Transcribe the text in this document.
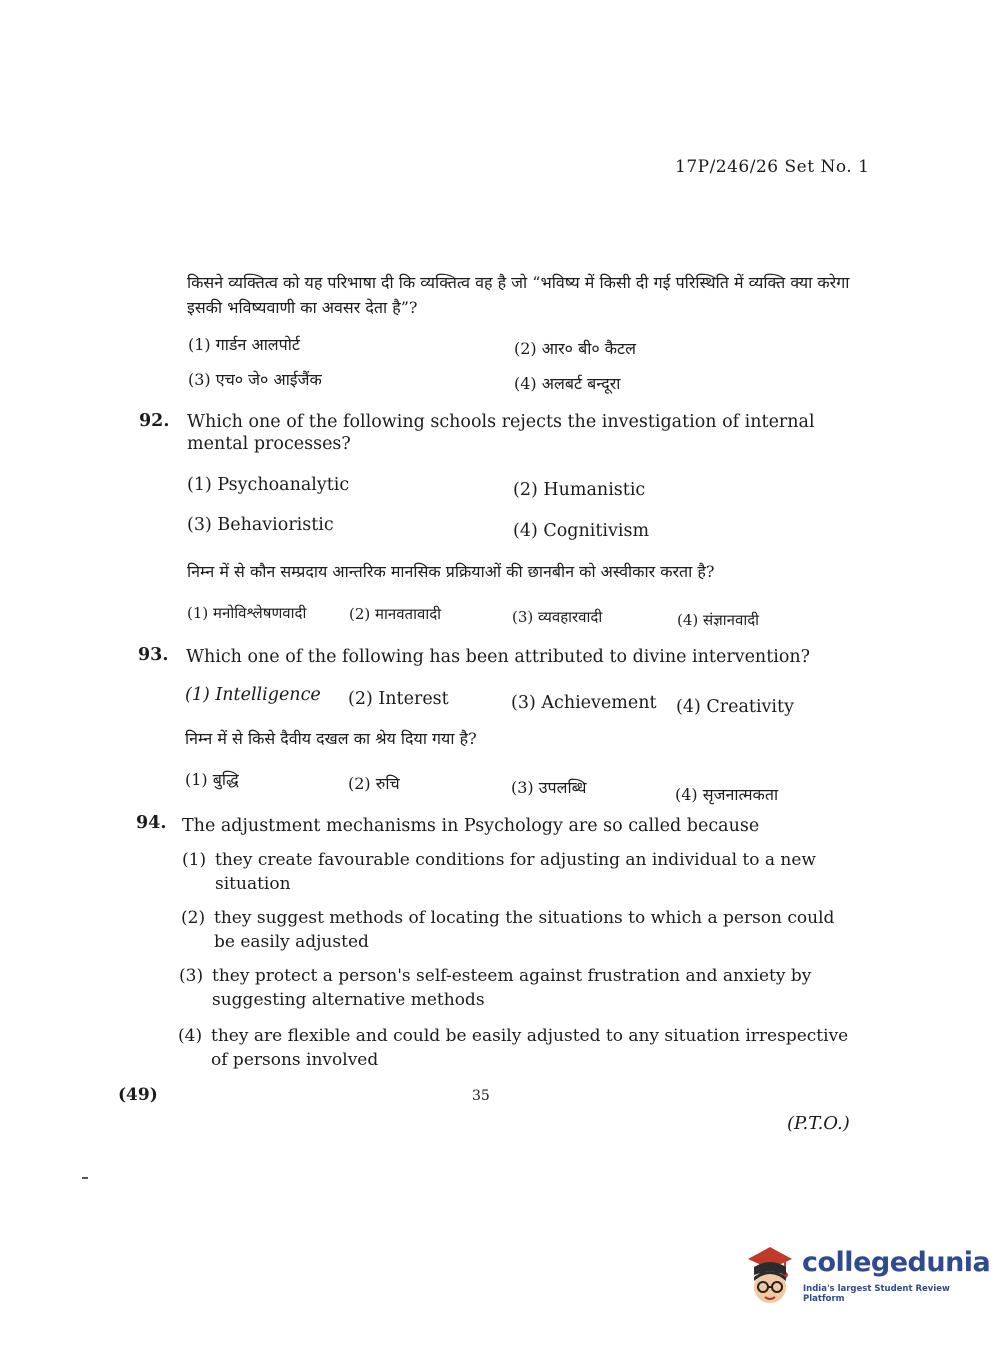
17P/246/26 Set No. 1
किसने व्यक्तित्व को यह परिभाषा दी कि व्यक्तित्व वह है जो “भविष्य में किसी दी गई परिस्थिति में व्यक्ति क्या करेगा इसकी भविष्यवाणी का अवसर देता है”?
(1) गार्डन आलपोर्ट	(2) आर० बी० कैटल
(3) एच० जे० आईजैंक	(4) अलबर्ट बन्दूरा
92. Which one of the following schools rejects the investigation of internal mental processes?
(1) Psychoanalytic	(2) Humanistic
(3) Behavioristic	(4) Cognitivism
निम्न में से कौन सम्प्रदाय आन्तरिक मानसिक प्रक्रियाओं की छानबीन को अस्वीकार करता है?
(1) मनोविश्लेषणवादी	(2) मानवतावादी	(3) व्यवहारवादी	(4) संज्ञानवादी
93. Which one of the following has been attributed to divine intervention?
(1) Intelligence (2) Interest	(3) Achievement (4) Creativity
निम्न में से किसे दैवीय दखल का श्रेय दिया गया है?
(1) बुद्धि	(2) रुचि	(3) उपलब्धि	(4) सृजनात्मकता
94. The adjustment mechanisms in Psychology are so called because
(1) they create favourable conditions for adjusting an individual to a new situation
(2) they suggest methods of locating the situations to which a person could be easily adjusted
(3) they protect a person's self-esteem against frustration and anxiety by suggesting alternative methods
(4) they are flexible and could be easily adjusted to any situation irrespective of persons involved
(49)	35
(P.T.O.)
collegedunia
India's largest Student Review Platform
